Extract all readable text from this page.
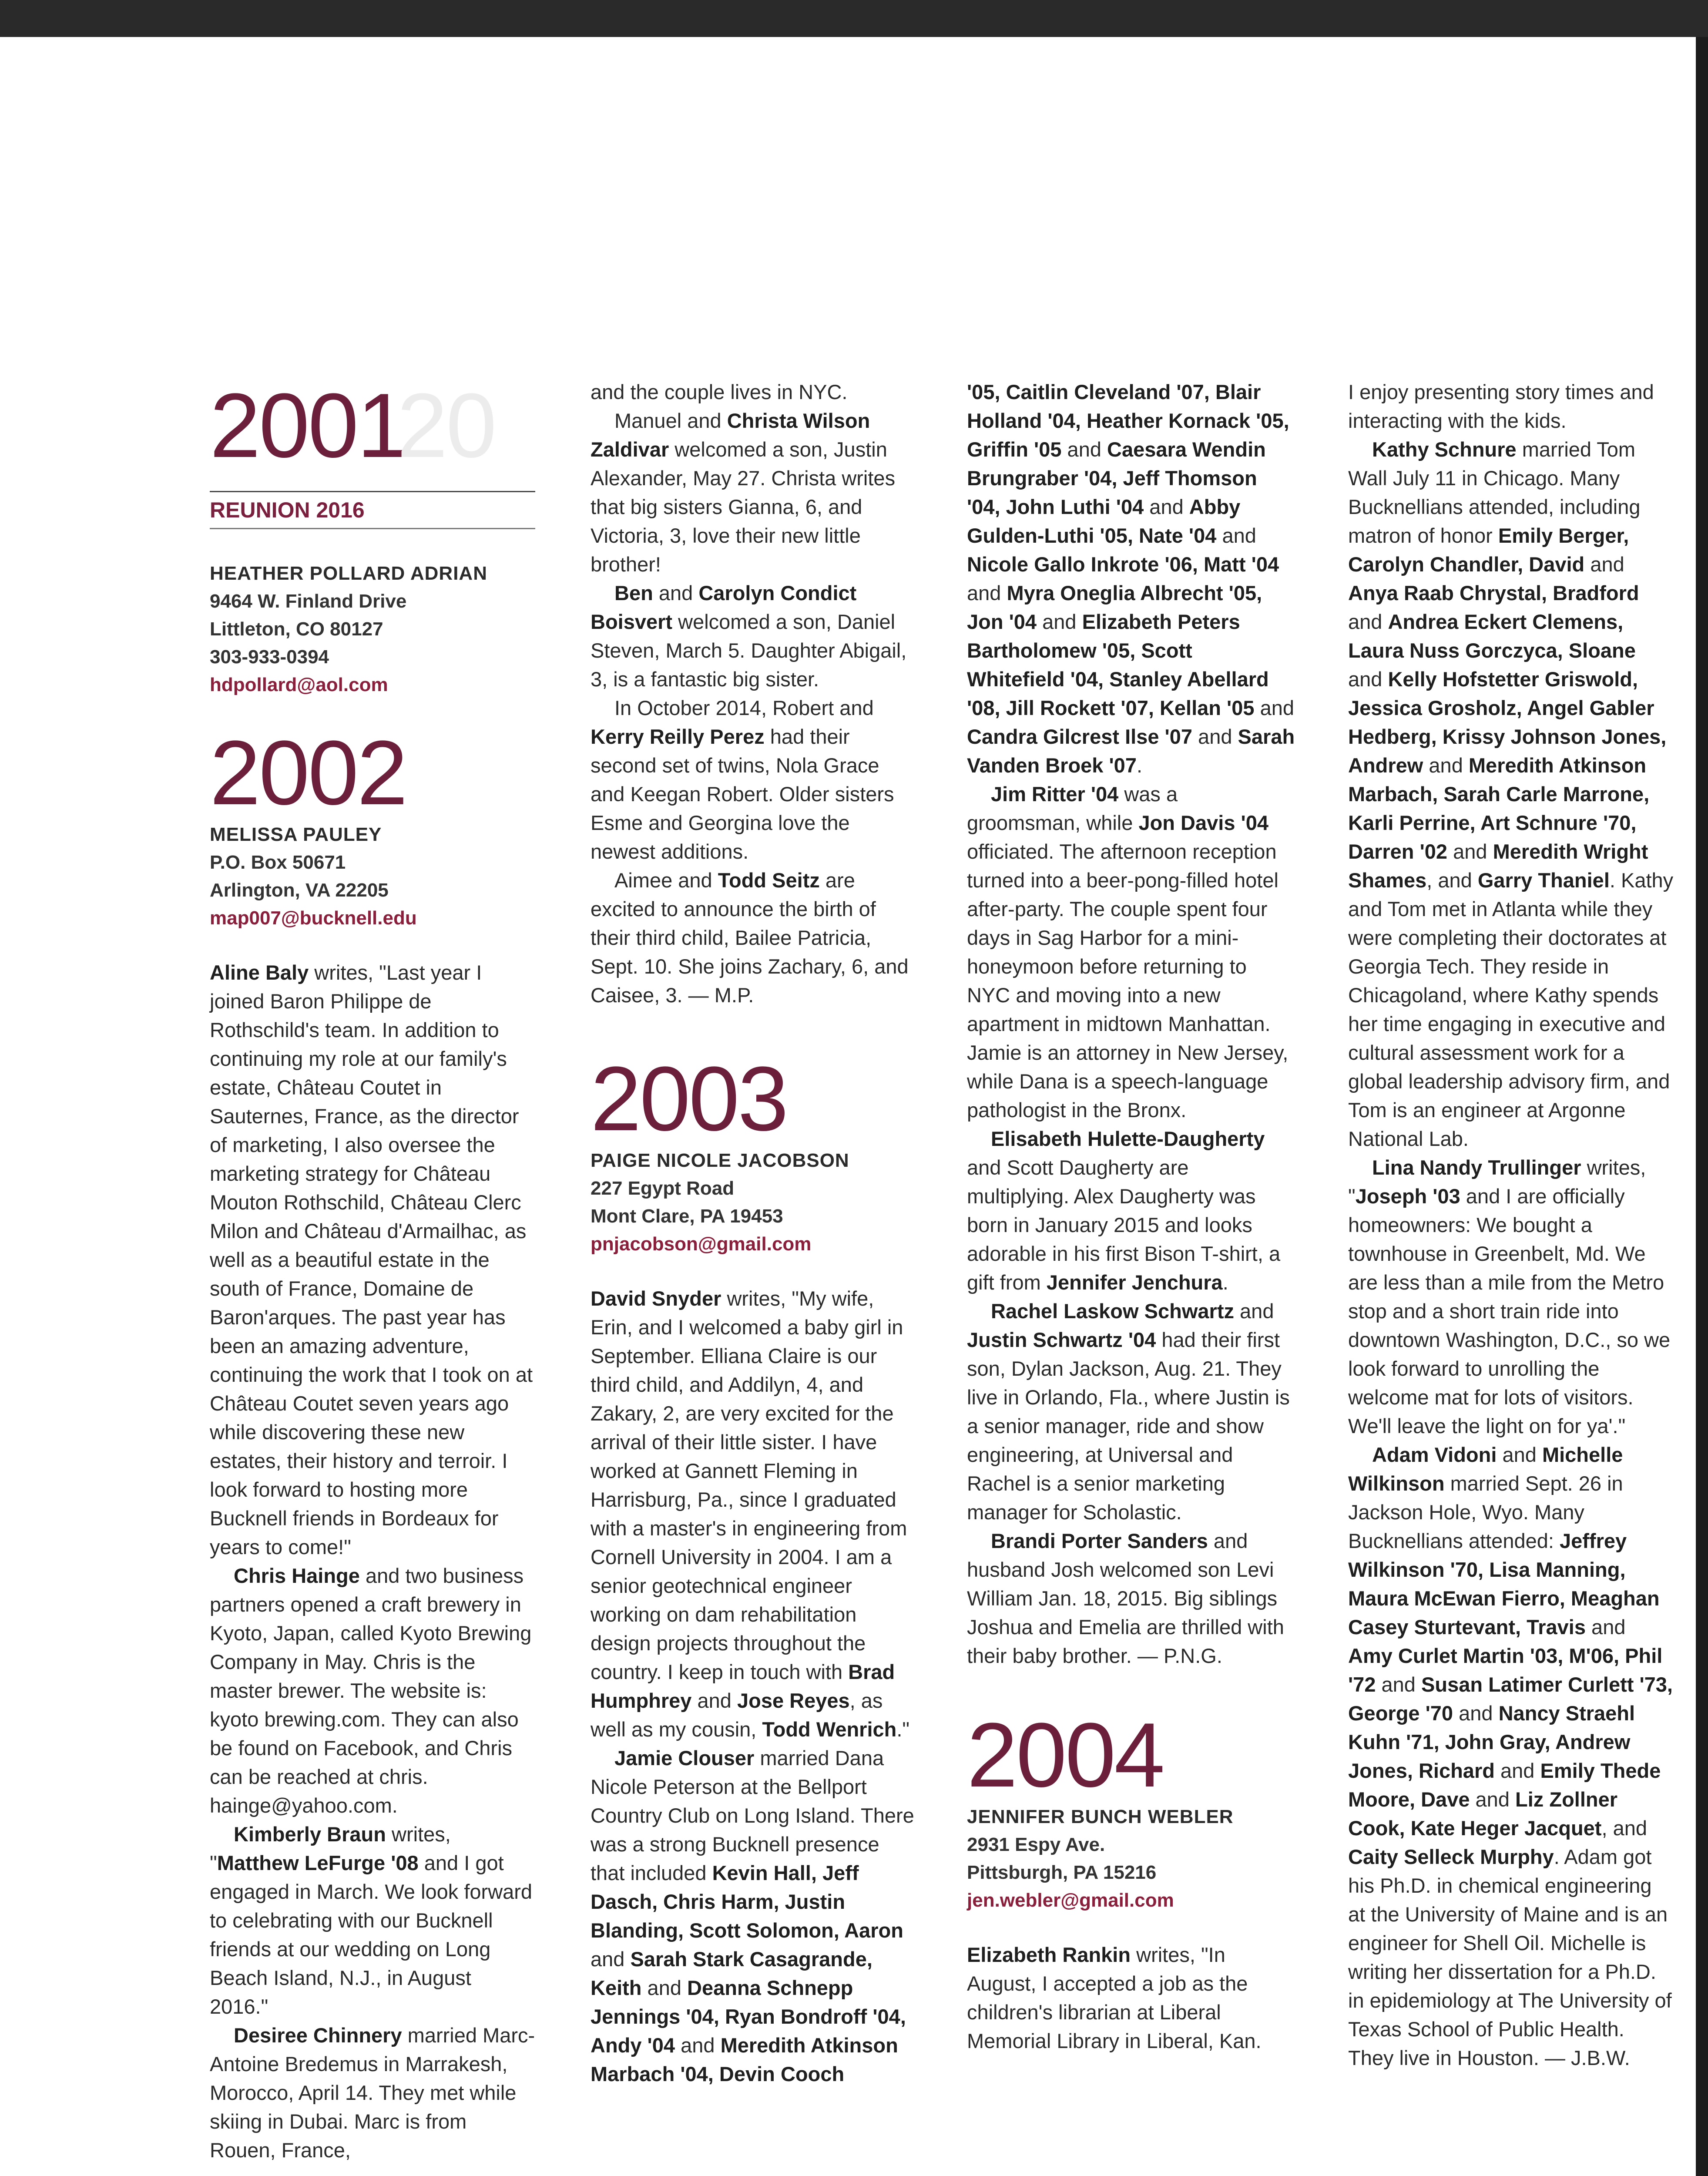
20
2001
REUNION 2016
HEATHER POLLARD ADRIAN
9464 W. Finland Drive
Littleton, CO 80127
303-933-0394
hdpollard@aol.com
2002
MELISSA PAULEY
P.O. Box 50671
Arlington, VA 22205
map007@bucknell.edu

Aline Baly writes, "Last year I joined Baron Philippe de Rothschild's team. In addition to continuing my role at our family's estate, Château Coutet in Sauternes, France, as the director of marketing, I also oversee the marketing strategy for Château Mouton Rothschild, Château Clerc Milon and Château d'Armailhac, as well as a beautiful estate in the south of France, Domaine de Baron'arques. The past year has been an amazing adventure, continuing the work that I took on at Château Coutet seven years ago while discovering these new estates, their history and terroir. I look forward to hosting more Bucknell friends in Bordeaux for years to come!"

Chris Hainge and two business partners opened a craft brewery in Kyoto, Japan, called Kyoto Brewing Company in May. Chris is the master brewer. The website is: kyoto brewing.com. They can also be found on Facebook, and Chris can be reached at chris. hainge@yahoo.com.

Kimberly Braun writes, "Matthew LeFurge '08 and I got engaged in March. We look forward to celebrating with our Bucknell friends at our wedding on Long Beach Island, N.J., in August 2016."

Desiree Chinnery married Marc-Antoine Bredemus in Marrakesh, Morocco, April 14. They met while skiing in Dubai. Marc is from Rouen, France,

and the couple lives in NYC.

Manuel and Christa Wilson Zaldivar welcomed a son, Justin Alexander, May 27. Christa writes that big sisters Gianna, 6, and Victoria, 3, love their new little brother!

Ben and Carolyn Condict Boisvert welcomed a son, Daniel Steven, March 5. Daughter Abigail, 3, is a fantastic big sister.

In October 2014, Robert and Kerry Reilly Perez had their second set of twins, Nola Grace and Keegan Robert. Older sisters Esme and Georgina love the newest additions.

Aimee and Todd Seitz are excited to announce the birth of their third child, Bailee Patricia, Sept. 10. She joins Zachary, 6, and Caisee, 3. — M.P.

2003
PAIGE NICOLE JACOBSON
227 Egypt Road
Mont Clare, PA 19453
pnjacobson@gmail.com

David Snyder writes, "My wife, Erin, and I welcomed a baby girl in September. Elliana Claire is our third child, and Addilyn, 4, and Zakary, 2, are very excited for the arrival of their little sister. I have worked at Gannett Fleming in Harrisburg, Pa., since I graduated with a master's in engineering from Cornell University in 2004. I am a senior geotechnical engineer working on dam rehabilitation design projects throughout the country. I keep in touch with Brad Humphrey and Jose Reyes, as well as my cousin, Todd Wenrich."

Jamie Clouser married Dana Nicole Peterson at the Bellport Country Club on Long Island. There was a strong Bucknell presence that included Kevin Hall, Jeff Dasch, Chris Harm, Justin Blanding, Scott Solomon, Aaron and Sarah Stark Casagrande, Keith and Deanna Schnepp Jennings '04, Ryan Bondroff '04, Andy '04 and Meredith Atkinson Marbach '04, Devin Cooch

'05, Caitlin Cleveland '07, Blair Holland '04, Heather Kornack '05, Griffin '05 and Caesara Wendin Brungraber '04, Jeff Thomson '04, John Luthi '04 and Abby Gulden-Luthi '05, Nate '04 and Nicole Gallo Inkrote '06, Matt '04 and Myra Oneglia Albrecht '05, Jon '04 and Elizabeth Peters Bartholomew '05, Scott Whitefield '04, Stanley Abellard '08, Jill Rockett '07, Kellan '05 and Candra Gilcrest Ilse '07 and Sarah Vanden Broek '07.

Jim Ritter '04 was a groomsman, while Jon Davis '04 officiated. The afternoon reception turned into a beer-pong-filled hotel after-party. The couple spent four days in Sag Harbor for a mini-honeymoon before returning to NYC and moving into a new apartment in midtown Manhattan. Jamie is an attorney in New Jersey, while Dana is a speech-language pathologist in the Bronx.

Elisabeth Hulette-Daugherty and Scott Daugherty are multiplying. Alex Daugherty was born in January 2015 and looks adorable in his first Bison T-shirt, a gift from Jennifer Jenchura.

Rachel Laskow Schwartz and Justin Schwartz '04 had their first son, Dylan Jackson, Aug. 21. They live in Orlando, Fla., where Justin is a senior manager, ride and show engineering, at Universal and Rachel is a senior marketing manager for Scholastic.

Brandi Porter Sanders and husband Josh welcomed son Levi William Jan. 18, 2015. Big siblings Joshua and Emelia are thrilled with their baby brother. — P.N.G.

2004
JENNIFER BUNCH WEBLER
2931 Espy Ave.
Pittsburgh, PA 15216
jen.webler@gmail.com

Elizabeth Rankin writes, "In August, I accepted a job as the children's librarian at Liberal Memorial Library in Liberal, Kan.

I enjoy presenting story times and interacting with the kids.

Kathy Schnure married Tom Wall July 11 in Chicago. Many Bucknellians attended, including matron of honor Emily Berger, Carolyn Chandler, David and Anya Raab Chrystal, Bradford and Andrea Eckert Clemens, Laura Nuss Gorczyca, Sloane and Kelly Hofstetter Griswold, Jessica Grosholz, Angel Gabler Hedberg, Krissy Johnson Jones, Andrew and Meredith Atkinson Marbach, Sarah Carle Marrone, Karli Perrine, Art Schnure '70, Darren '02 and Meredith Wright Shames, and Garry Thaniel. Kathy and Tom met in Atlanta while they were completing their doctorates at Georgia Tech. They reside in Chicagoland, where Kathy spends her time engaging in executive and cultural assessment work for a global leadership advisory firm, and Tom is an engineer at Argonne National Lab.

Lina Nandy Trullinger writes, "Joseph '03 and I are officially homeowners: We bought a townhouse in Greenbelt, Md. We are less than a mile from the Metro stop and a short train ride into downtown Washington, D.C., so we look forward to unrolling the welcome mat for lots of visitors. We'll leave the light on for ya'."

Adam Vidoni and Michelle Wilkinson married Sept. 26 in Jackson Hole, Wyo. Many Bucknellians attended: Jeffrey Wilkinson '70, Lisa Manning, Maura McEwan Fierro, Meaghan Casey Sturtevant, Travis and Amy Curlet Martin '03, M'06, Phil '72 and Susan Latimer Curlett '73, George '70 and Nancy Straehl Kuhn '71, John Gray, Andrew Jones, Richard and Emily Thede Moore, Dave and Liz Zollner Cook, Kate Heger Jacquet, and Caity Selleck Murphy. Adam got his Ph.D. in chemical engineering at the University of Maine and is an engineer for Shell Oil. Michelle is writing her dissertation for a Ph.D. in epidemiology at The University of Texas School of Public Health. They live in Houston. — J.B.W.
